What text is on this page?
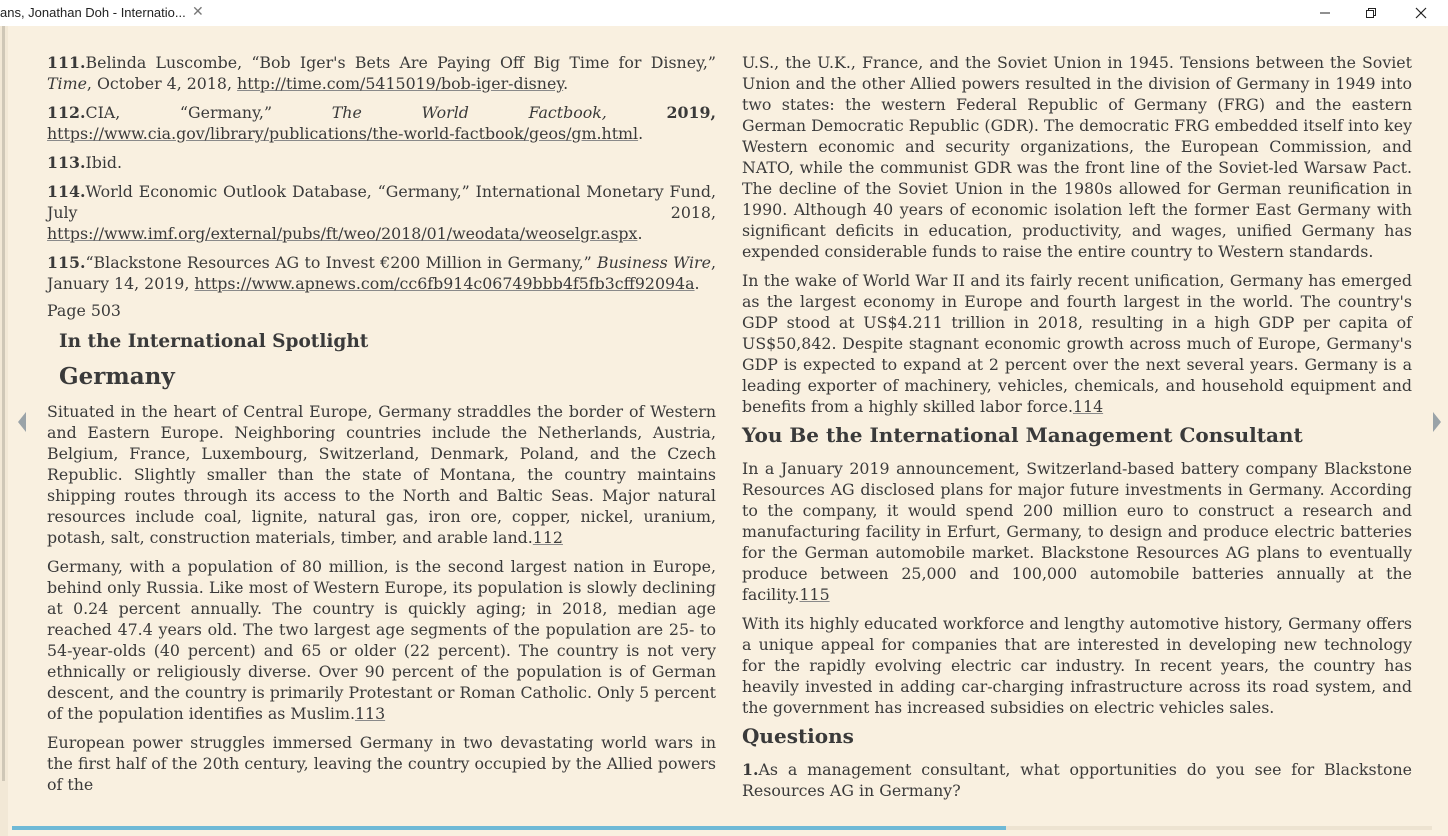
ans, Jonathan Doh - Internatio... ✕
111.Belinda Luscombe, “Bob Iger's Bets Are Paying Off Big Time for Disney,” Time, October 4, 2018, http://time.com/5415019/bob-iger-disney.
112.CIA, “Germany,”	The World Factbook,	2019, https://www.cia.gov/library/publications/the-world-factbook/geos/gm.html.
113.Ibid.
114.World Economic Outlook Database, “Germany,” International Monetary Fund, July 2018, https://www.imf.org/external/pubs/ft/weo/2018/01/weodata/weoselgr.aspx.
115.“Blackstone Resources AG to Invest €200 Million in Germany,” Business Wire, January 14, 2019, https://www.apnews.com/cc6fb914c06749bbb4f5fb3cff92094a.
Page 503
In the International Spotlight
Germany

Situated in the heart of Central Europe, Germany straddles the border of Western and Eastern Europe. Neighboring countries include the Netherlands, Austria, Belgium, France, Luxembourg, Switzerland, Denmark, Poland, and the Czech Republic. Slightly smaller than the state of Montana, the country maintains shipping routes through its access to the North and Baltic Seas. Major natural resources include coal, lignite, natural gas, iron ore, copper, nickel, uranium, potash, salt, construction materials, timber, and arable land.112

Germany, with a population of 80 million, is the second largest nation in Europe, behind only Russia. Like most of Western Europe, its population is slowly declining at 0.24 percent annually. The country is quickly aging; in 2018, median age reached 47.4 years old. The two largest age segments of the population are 25- to 54-year-olds (40 percent) and 65 or older (22 percent). The country is not very ethnically or religiously diverse. Over 90 percent of the population is of German descent, and the country is primarily Protestant or Roman Catholic. Only 5 percent of the population identifies as Muslim.113

European power struggles immersed Germany in two devastating world wars in the first half of the 20th century, leaving the country occupied by the Allied powers of the

U.S., the U.K., France, and the Soviet Union in 1945. Tensions between the Soviet Union and the other Allied powers resulted in the division of Germany in 1949 into two states: the western Federal Republic of Germany (FRG) and the eastern German Democratic Republic (GDR). The democratic FRG embedded itself into key Western economic and security organizations, the European Commission, and NATO, while the communist GDR was the front line of the Soviet-led Warsaw Pact. The decline of the Soviet Union in the 1980s allowed for German reunification in 1990. Although 40 years of economic isolation left the former East Germany with significant deficits in education, productivity, and wages, unified Germany has expended considerable funds to raise the entire country to Western standards.

In the wake of World War II and its fairly recent unification, Germany has emerged as the largest economy in Europe and fourth largest in the world. The country's GDP stood at US$4.211 trillion in 2018, resulting in a high GDP per capita of US$50,842. Despite stagnant economic growth across much of Europe, Germany's GDP is expected to expand at 2 percent over the next several years. Germany is a leading exporter of machinery, vehicles, chemicals, and household equipment and benefits from a highly skilled labor force.114

You Be the International Management Consultant

In a January 2019 announcement, Switzerland-based battery company Blackstone Resources AG disclosed plans for major future investments in Germany. According to the company, it would spend 200 million euro to construct a research and manufacturing facility in Erfurt, Germany, to design and produce electric batteries for the German automobile market. Blackstone Resources AG plans to eventually produce between 25,000 and 100,000 automobile batteries annually at the facility.115

With its highly educated workforce and lengthy automotive history, Germany offers a unique appeal for companies that are interested in developing new technology for the rapidly evolving electric car industry. In recent years, the country has heavily invested in adding car-charging infrastructure across its road system, and the government has increased subsidies on electric vehicles sales.

Questions

1.As a management consultant, what opportunities do you see for Blackstone Resources AG in Germany?
